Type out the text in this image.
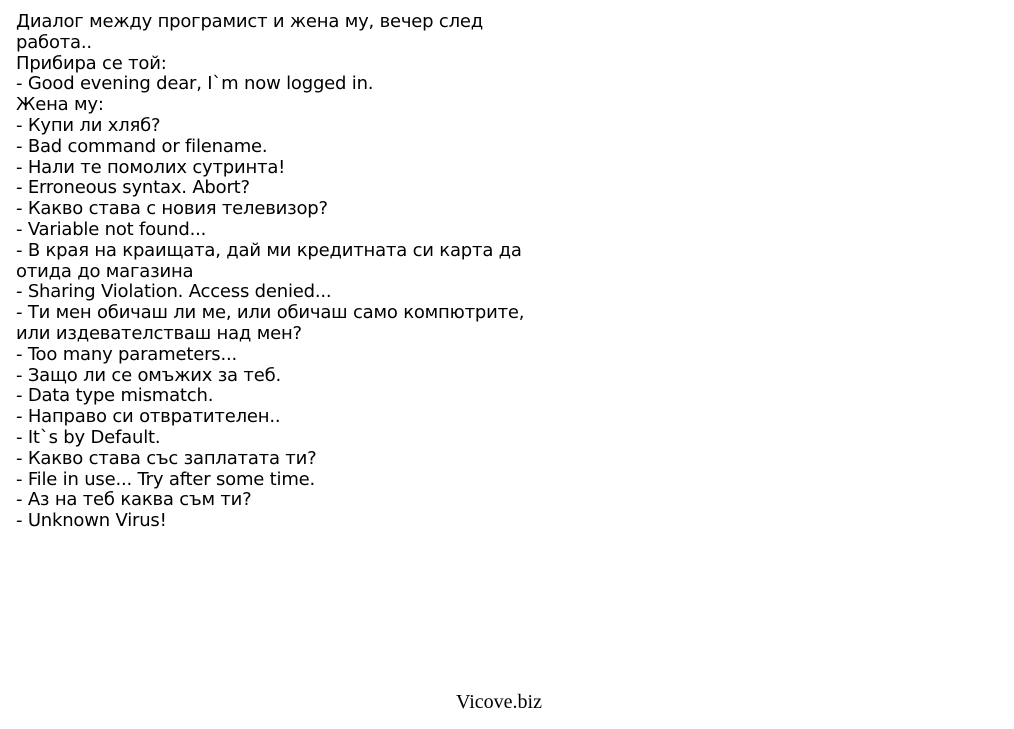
Диалог между програмист и жена му, вечер след
работа..
Прибира се той:
- Good evening dear, I`m now logged in.
Жена му:
- Купи ли хляб?
- Bad command or filename.
- Нали те помолих сутринта!
- Erroneous syntax. Abort?
- Какво става с новия телевизор?
- Variable not found...
- В края на краищата, дай ми кредитната си карта да
отида до магазина
- Sharing Violation. Access denied...
- Ти мен обичаш ли ме, или обичаш само компютрите,
или издевателстваш над мен?
- Too many parameters...
- Защо ли се омъжих за теб.
- Data type mismatch.
- Направо си отвратителен..
- It`s by Default.
- Какво става със заплатата ти?
- File in use... Try after some time.
- Аз на теб каква съм ти?
- Unknown Virus!
Vicove.biz
